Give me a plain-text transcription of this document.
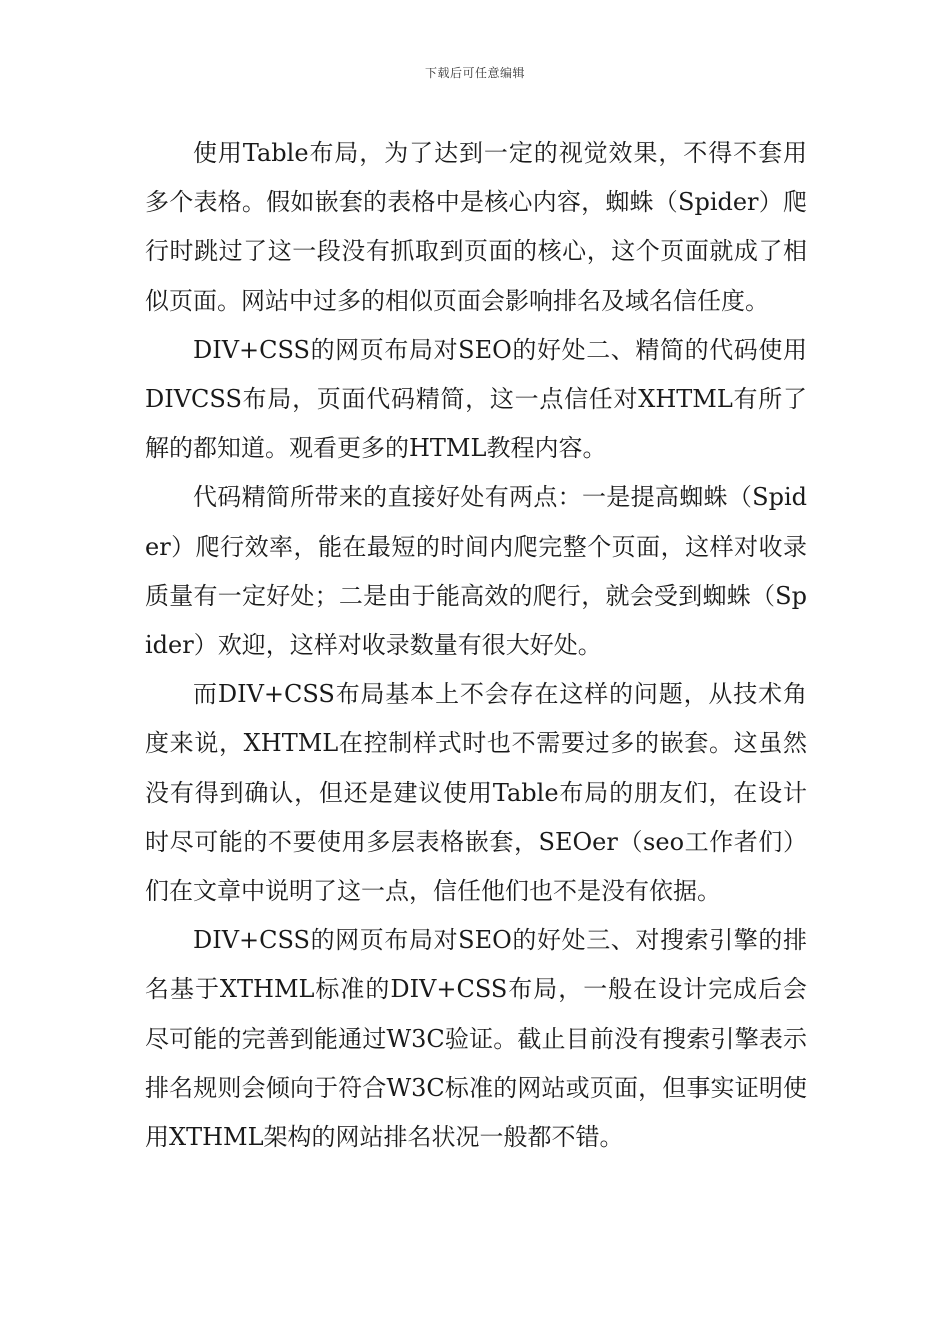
下载后可任意编辑

使用Table布局，为了达到一定的视觉效果，不得不套用多个表格。假如嵌套的表格中是核心内容，蜘蛛（Spider）爬行时跳过了这一段没有抓取到页面的核心，这个页面就成了相似页面。网站中过多的相似页面会影响排名及域名信任度。

DIV+CSS的网页布局对SEO的好处二、精简的代码使用DIVCSS布局，页面代码精简，这一点信任对XHTML有所了解的都知道。观看更多的HTML教程内容。

代码精简所带来的直接好处有两点：一是提高蜘蛛（Spider）爬行效率，能在最短的时间内爬完整个页面，这样对收录质量有一定好处；二是由于能高效的爬行，就会受到蜘蛛（Spider）欢迎，这样对收录数量有很大好处。

而DIV+CSS布局基本上不会存在这样的问题，从技术角度来说，XHTML在控制样式时也不需要过多的嵌套。这虽然没有得到确认，但还是建议使用Table布局的朋友们，在设计时尽可能的不要使用多层表格嵌套，SEOer（seo工作者们）们在文章中说明了这一点，信任他们也不是没有依据。

DIV+CSS的网页布局对SEO的好处三、对搜索引擎的排名基于XTHML标准的DIV+CSS布局，一般在设计完成后会尽可能的完善到能通过W3C验证。截止目前没有搜索引擎表示排名规则会倾向于符合W3C标准的网站或页面，但事实证明使用XTHML架构的网站排名状况一般都不错。
